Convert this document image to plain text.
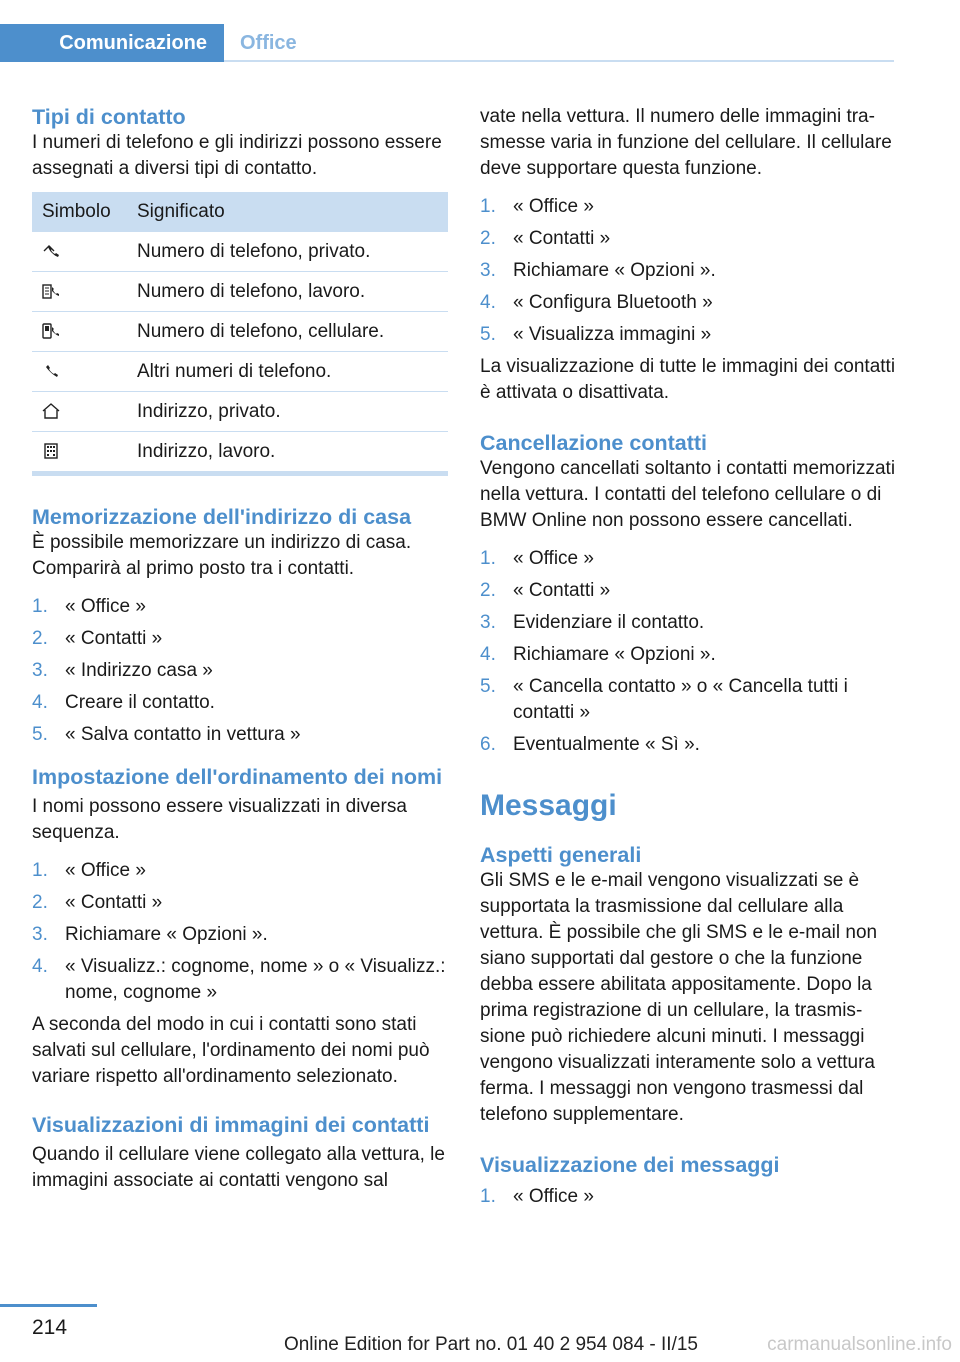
Comunicazione	Office
Tipi di contatto

I numeri di telefono e gli indirizzi possono essere assegnati a diversi tipi di contatto.

Simbolo	Significato
	Numero di telefono, privato.
	Numero di telefono, lavoro.
	Numero di telefono, cellulare.
	Altri numeri di telefono.
	Indirizzo, privato.
	Indirizzo, lavoro.
Memorizzazione dell'indirizzo di casa

È possibile memorizzare un indirizzo di casa. Comparirà al primo posto tra i contatti.

1. « Office »
2. « Contatti »
3. « Indirizzo casa »
4. Creare il contatto.
5. « Salva contatto in vettura »
Impostazione dell'ordinamento dei nomi

I nomi possono essere visualizzati in diversa sequenza.

1. « Office »
2. « Contatti »
3. Richiamare « Opzioni ».
4. « Visualizz.: cognome, nome » o « Visualizz.: nome, cognome »

A seconda del modo in cui i contatti sono stati salvati sul cellulare, l'ordinamento dei nomi può variare rispetto all'ordinamento selezionato.

Visualizzazioni di immagini dei contatti

Quando il cellulare viene collegato alla vettura, le immagini associate ai contatti vengono sal

vate nella vettura. Il numero delle immagini trasmesse varia in funzione del cellulare. Il cellulare deve supportare questa funzione.

1. « Office »
2. « Contatti »
3. Richiamare « Opzioni ».
4. « Configura Bluetooth »
5. « Visualizza immagini »

La visualizzazione di tutte le immagini dei contatti è attivata o disattivata.

Cancellazione contatti

Vengono cancellati soltanto i contatti memorizzati nella vettura. I contatti del telefono cellulare o di BMW Online non possono essere cancellati.

1. « Office »
2. « Contatti »
3. Evidenziare il contatto.
4. Richiamare « Opzioni ».
5. « Cancella contatto » o « Cancella tutti i contatti »
6. Eventualmente « Sì ».
Messaggi
Aspetti generali

Gli SMS e le e-mail vengono visualizzati se è supportata la trasmissione dal cellulare alla vettura. È possibile che gli SMS e le e-mail non siano supportati dal gestore o che la funzione debba essere abilitata appositamente. Dopo la prima registrazione di un cellulare, la trasmissione può richiedere alcuni minuti. I messaggi vengono visualizzati interamente solo a vettura ferma. I messaggi non vengono trasmessi dal telefono supplementare.

Visualizzazione dei messaggi
1. « Office »
214
Online Edition for Part no. 01 40 2 954 084 - II/15	carmanualsonline.info
